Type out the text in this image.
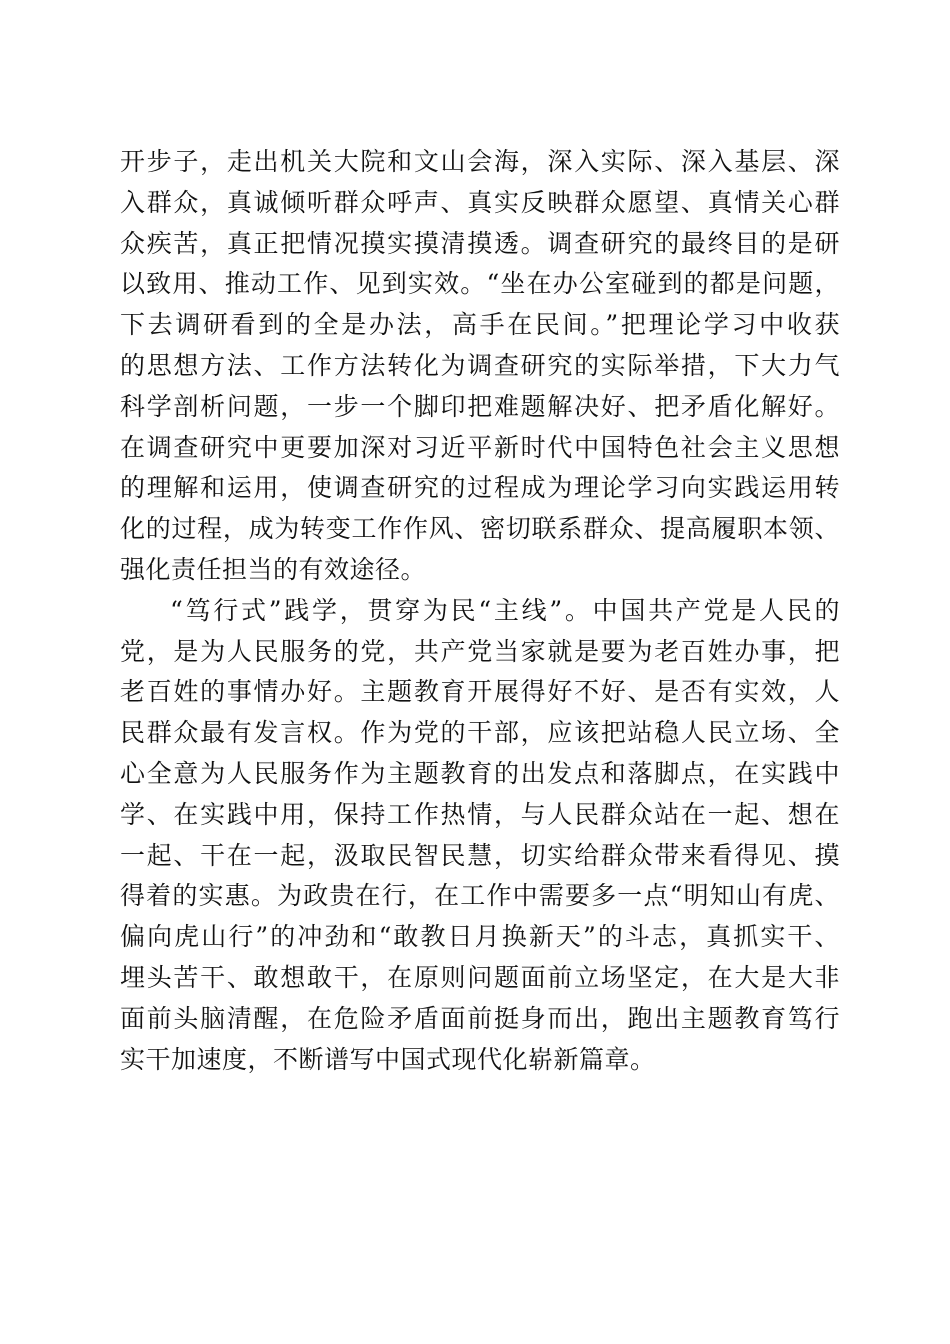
开步子，走出机关大院和文山会海，深入实际、深入基层、深
入群众，真诚倾听群众呼声、真实反映群众愿望、真情关心群
众疾苦，真正把情况摸实摸清摸透。调查研究的最终目的是研
以致用、推动工作、见到实效。“坐在办公室碰到的都是问题，
下去调研看到的全是办法，高手在民间。”把理论学习中收获
的思想方法、工作方法转化为调查研究的实际举措，下大力气
科学剖析问题，一步一个脚印把难题解决好、把矛盾化解好。
在调查研究中更要加深对习近平新时代中国特色社会主义思想
的理解和运用，使调查研究的过程成为理论学习向实践运用转
化的过程，成为转变工作作风、密切联系群众、提高履职本领、
强化责任担当的有效途径。
“笃行式”践学，贯穿为民“主线”。中国共产党是人民的
党，是为人民服务的党，共产党当家就是要为老百姓办事，把
老百姓的事情办好。主题教育开展得好不好、是否有实效，人
民群众最有发言权。作为党的干部，应该把站稳人民立场、全
心全意为人民服务作为主题教育的出发点和落脚点，在实践中
学、在实践中用，保持工作热情，与人民群众站在一起、想在
一起、干在一起，汲取民智民慧，切实给群众带来看得见、摸
得着的实惠。为政贵在行，在工作中需要多一点“明知山有虎、
偏向虎山行”的冲劲和“敢教日月换新天”的斗志，真抓实干、
埋头苦干、敢想敢干，在原则问题面前立场坚定，在大是大非
面前头脑清醒，在危险矛盾面前挺身而出，跑出主题教育笃行
实干加速度，不断谱写中国式现代化崭新篇章。
